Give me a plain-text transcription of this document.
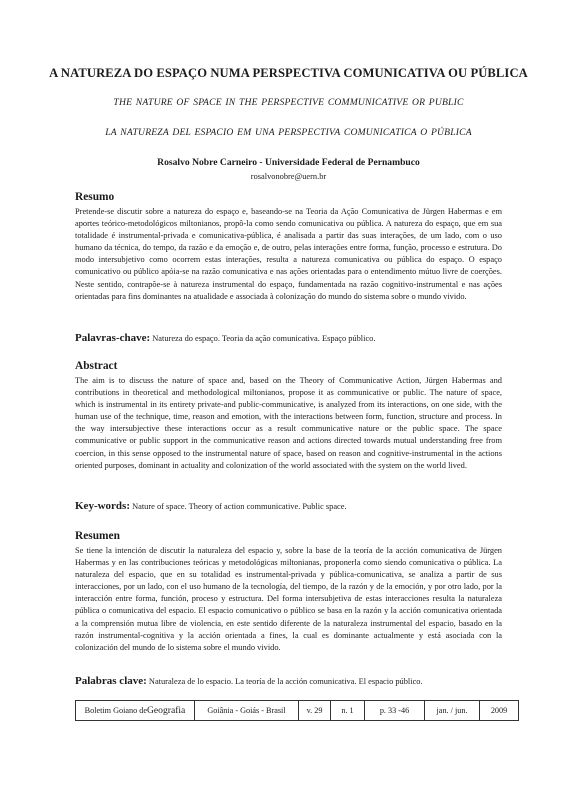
A NATUREZA DO ESPAÇO NUMA PERSPECTIVA COMUNICATIVA OU PÚBLICA
THE NATURE OF SPACE IN THE PERSPECTIVE COMMUNICATIVE OR PUBLIC
LA NATUREZA DEL ESPACIO EM UNA PERSPECTIVA COMUNICATICA O PÚBLICA
Rosalvo Nobre Carneiro - Universidade Federal de Pernambuco
rosalvonobre@uern.br
Resumo

Pretende-se discutir sobre a natureza do espaço e, baseando-se na Teoria da Ação Comunicativa de Jürgen Habermas e em aportes teórico-metodológicos miltonianos, propô-la como sendo comunicativa ou pública. A natureza do espaço, que em sua totalidade é instrumental-privada e comunicativa-pública, é analisada a partir das suas interações, de um lado, com o uso humano da técnica, do tempo, da razão e da emoção e, de outro, pelas interações entre forma, função, processo e estrutura. Do modo intersubjetivo como ocorrem estas interações, resulta a natureza comunicativa ou pública do espaço. O espaço comunicativo ou público apóia-se na razão comunicativa e nas ações orientadas para o entendimento mútuo livre de coerções. Neste sentido, contrapõe-se à natureza instrumental do espaço, fundamentada na razão cognitivo-instrumental e nas ações orientadas para fins dominantes na atualidade e associada à colonização do mundo do sistema sobre o mundo vivido.

Palavras-chave: Natureza do espaço. Teoria da ação comunicativa. Espaço público.
Abstract

The aim is to discuss the nature of space and, based on the Theory of Communicative Action, Jürgen Habermas and contributions in theoretical and methodological miltonianos, propose it as communicative or public. The nature of space, which is instrumental in its entirety private-and public-communicative, is analyzed from its interactions, on one side, with the human use of the technique, time, reason and emotion, with the interactions between form, function, structure and process. In the way intersubjective these interactions occur as a result communicative nature or the public space. The space communicative or public support in the communicative reason and actions directed towards mutual understanding free from coercion, in this sense opposed to the instrumental nature of space, based on reason and cognitive-instrumental in the actions oriented purposes, dominant in actuality and colonization of the world associated with the system on the world lived.

Key-words: Nature of space. Theory of action communicative. Public space.
Resumen

Se tiene la intención de discutir la naturaleza del espacio y, sobre la base de la teoría de la acción comunicativa de Jürgen Habermas y en las contribuciones teóricas y metodológicas miltonianas, proponerla como siendo comunicativa o pública. La naturaleza del espacio, que en su totalidad es instrumental-privada y pública-comunicativa, se analiza a partir de sus interacciones, por un lado, con el uso humano de la tecnología, del tiempo, de la razón y de la emoción, y por otro lado, por la interacción entre forma, función, proceso y estructura. Del forma intersubjetiva de estas interacciones resulta la naturaleza pública o comunicativa del espacio. El espacio comunicativo o público se basa en la razón y la acción comunicativa orientada a la comprensión mutua libre de violencia, en este sentido diferente de la naturaleza instrumental del espacio, basado en la razón instrumental-cognitiva y la acción orientada a fines, la cual es dominante actualmente y está asociada con la colonización del mundo de lo sistema sobre el mundo vivido.

Palabras clave: Naturaleza de lo espacio. La teoría de la acción comunicativa. El espacio público.
Boletim Goiano de Geografia	Goiânia - Goiás - Brasil	v. 29	n. 1	p. 33 -46	jan. / jun.	2009
